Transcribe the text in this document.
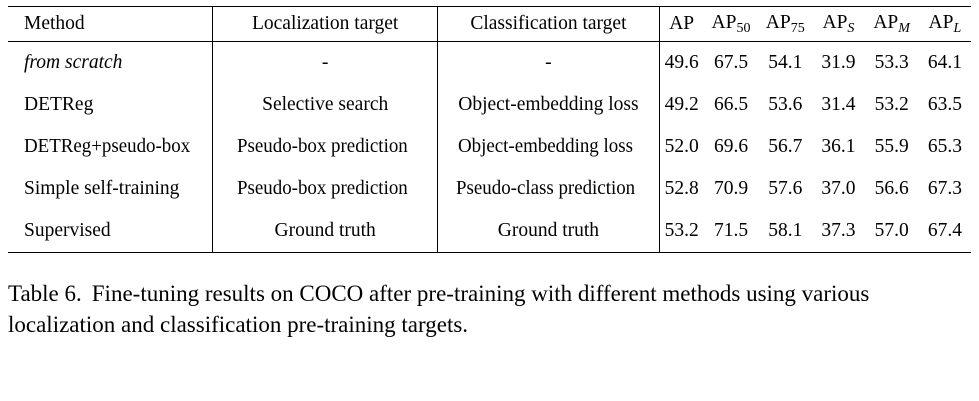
Method	Localization target	Classification target	AP	$AP_{50}$	$AP_{75}$	$AP_S$	$AP_M$	$AP_L$

from scratch	-	-	49.6	67.5	54.1	31.9	53.3	64.1
DETReg	Selective search	Object-embedding loss	49.2	66.5	53.6	31.4	53.2	63.5
DETReg+pseudo-box	Pseudo-box prediction	Object-embedding loss	52.0	69.6	56.7	36.1	55.9	65.3
Simple self-training	Pseudo-box prediction	Pseudo-class prediction	52.8	70.9	57.6	37.0	56.6	67.3
Supervised	Ground truth	Ground truth	53.2	71.5	58.1	37.3	57.0	67.4

Table 6. Fine-tuning results on COCO after pre-training with different methods using various localization and classification pre-training targets.
